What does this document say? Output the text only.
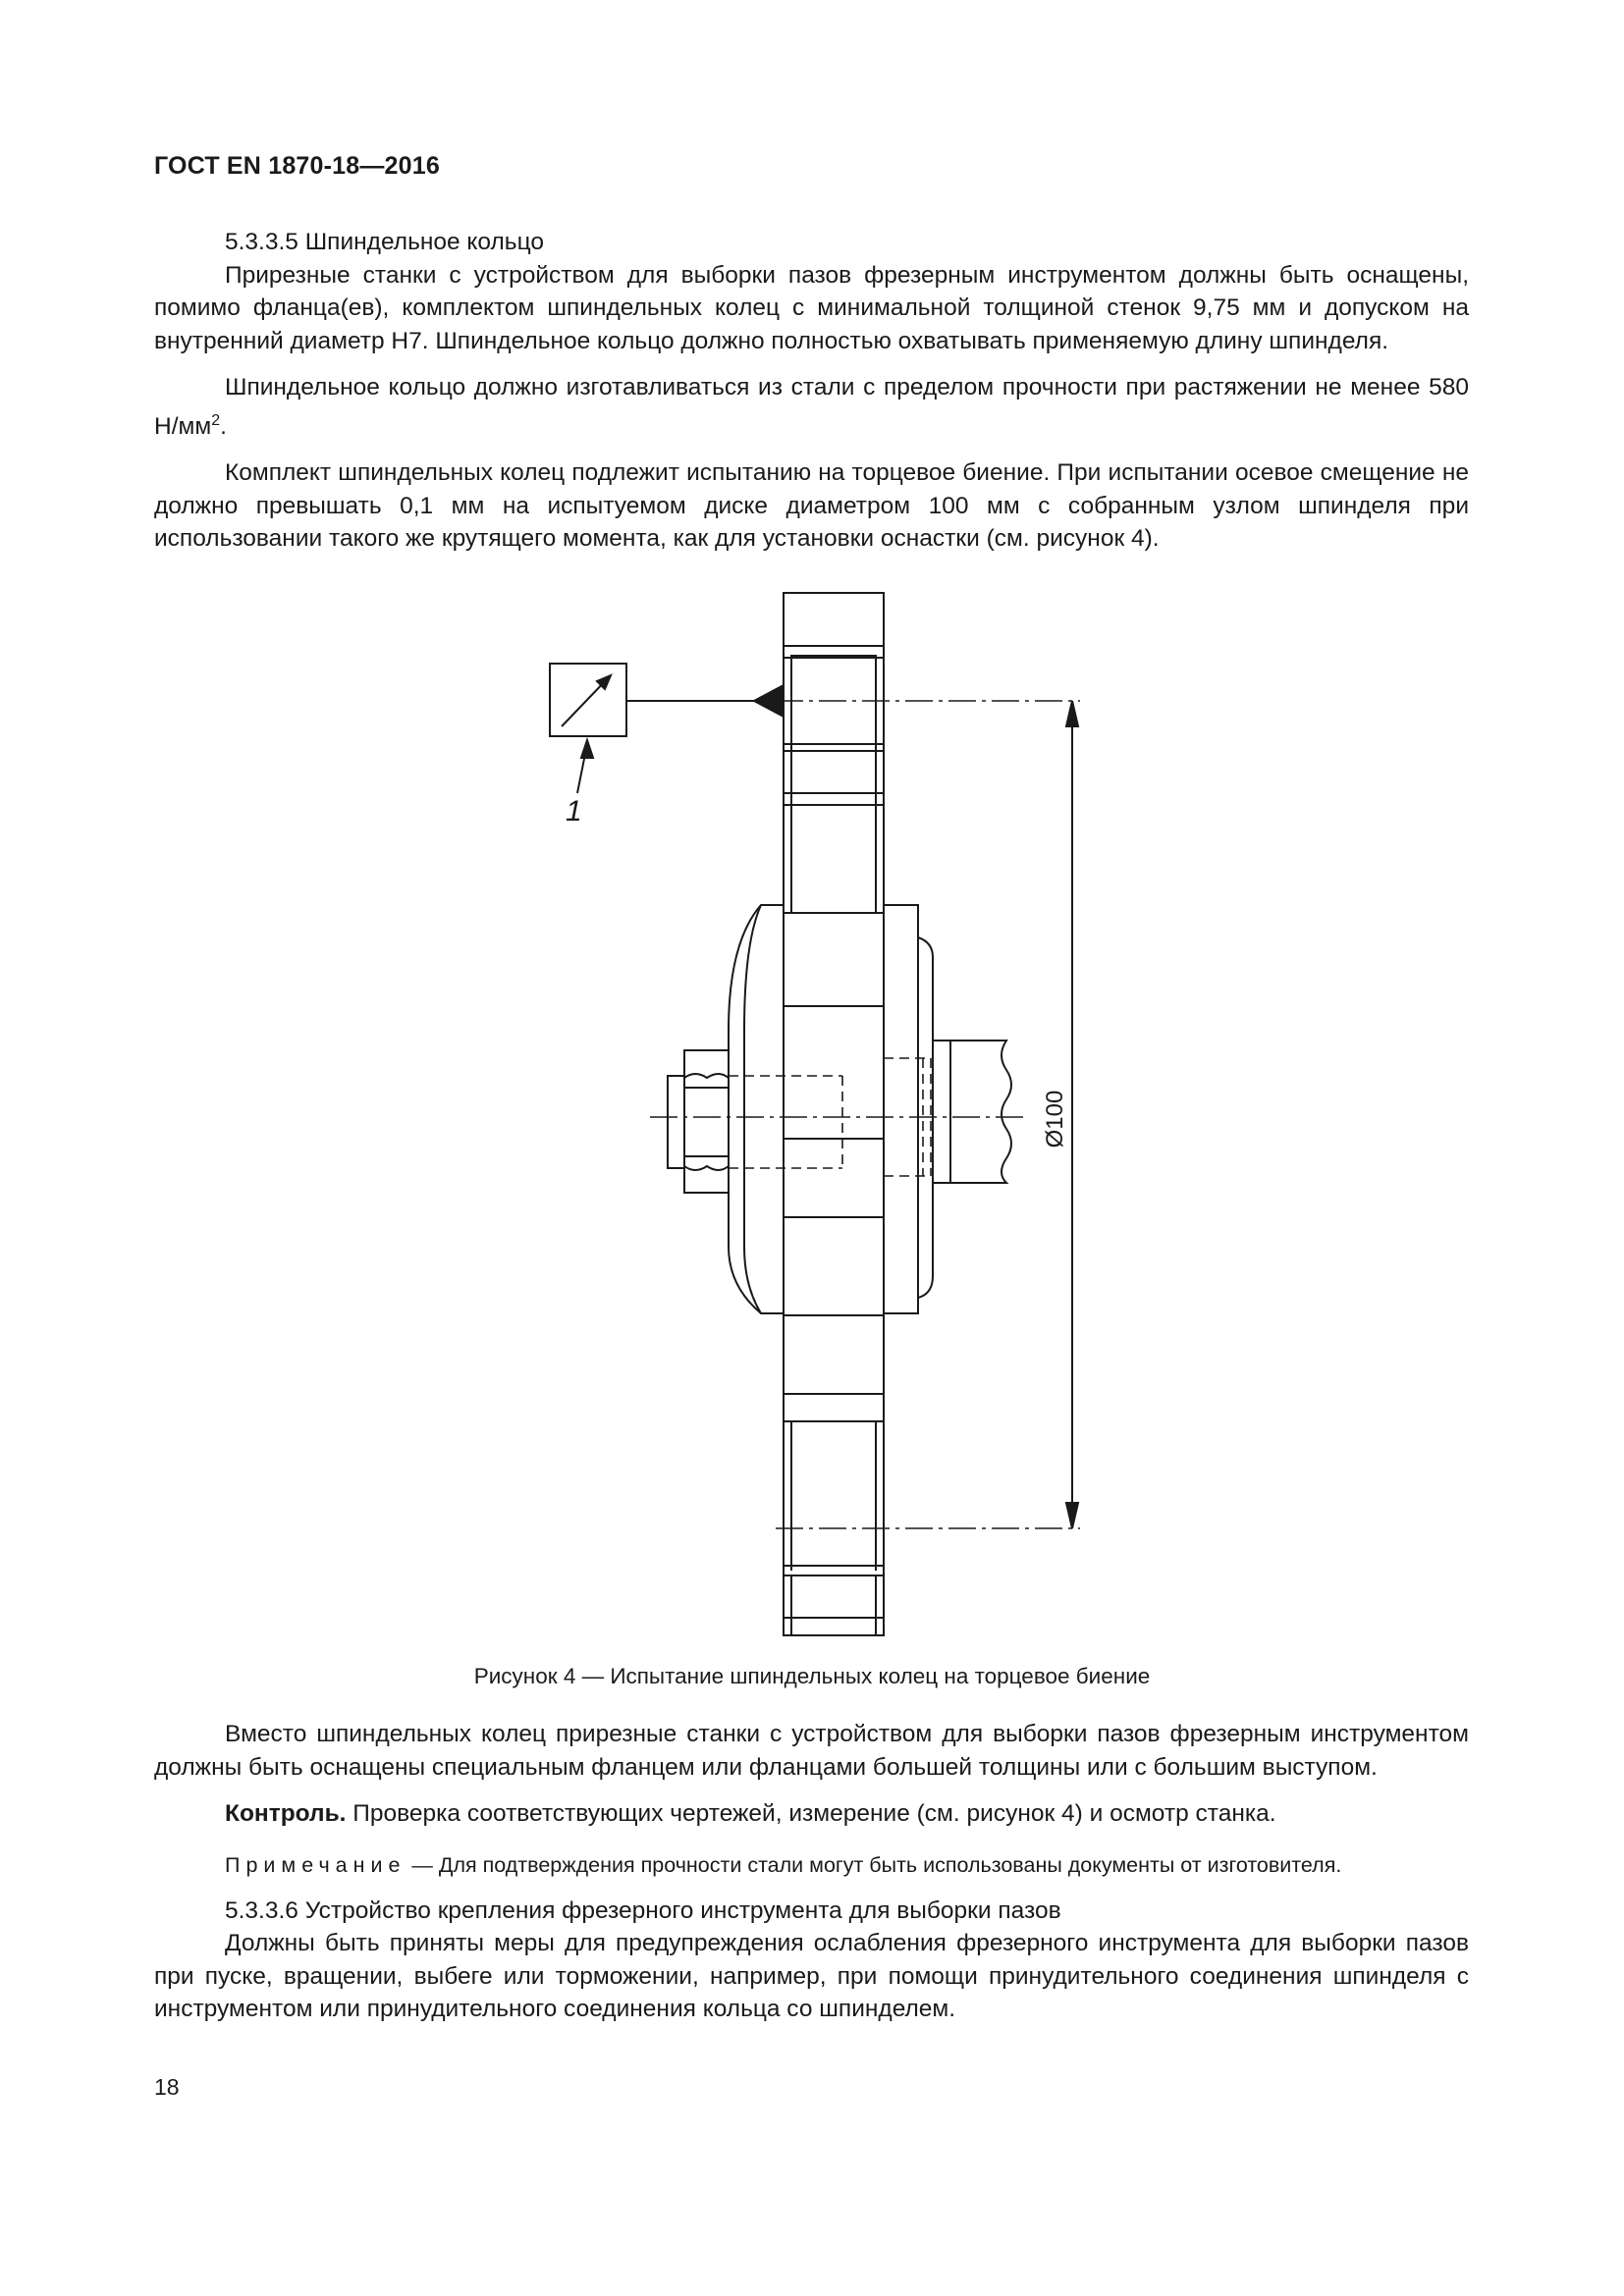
ГОСТ EN 1870-18—2016

5.3.3.5 Шпиндельное кольцо

Прирезные станки с устройством для выборки пазов фрезерным инструментом должны быть оснащены, помимо фланца(ев), комплектом шпиндельных колец с минимальной толщиной стенок 9,75 мм и допуском на внутренний диаметр H7. Шпиндельное кольцо должно полностью охватывать применяемую длину шпинделя.

Шпиндельное кольцо должно изготавливаться из стали с пределом прочности при растяжении не менее 580 $Н/мм^2$.

Комплект шпиндельных колец подлежит испытанию на торцевое биение. При испытании осевое смещение не должно превышать 0,1 мм на испытуемом диске диаметром 100 мм с собранным узлом шпинделя при использовании такого же крутящего момента, как для установки оснастки (см. рисунок 4).

1
Ø100
Рисунок 4 — Испытание шпиндельных колец на торцевое биение

Вместо шпиндельных колец прирезные станки с устройством для выборки пазов фрезерным инструментом должны быть оснащены специальным фланцем или фланцами большей толщины или с большим выступом.

Контроль. Проверка соответствующих чертежей, измерение (см. рисунок 4) и осмотр станка.

Примечание — Для подтверждения прочности стали могут быть использованы документы от изготовителя.

5.3.3.6 Устройство крепления фрезерного инструмента для выборки пазов

Должны быть приняты меры для предупреждения ослабления фрезерного инструмента для выборки пазов при пуске, вращении, выбеге или торможении, например, при помощи принудительного соединения шпинделя с инструментом или принудительного соединения кольца со шпинделем.

18
